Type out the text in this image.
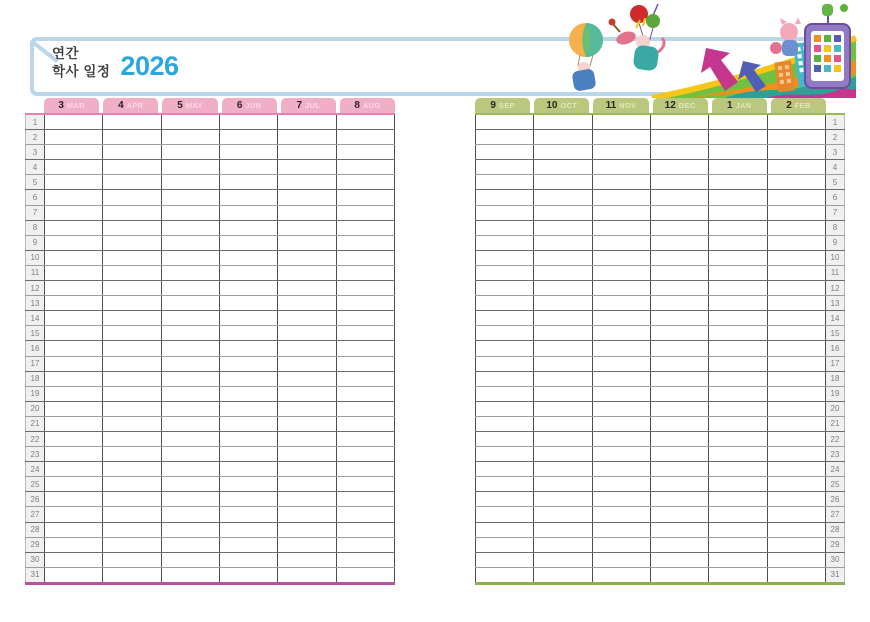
연간
학사 일정 2026
3 MAR	4 APR	5 MAY	6 JUN	7 JUL	8 AUG
1
2
3
4
5
6
7
8
9
10
11
12
13
14
15
16
17
18
19
20
21
22
23
24
25
26
27
28
29
30
31
9 SEP	10 OCT	11 NOV	12 DEC	1 JAN	2 FEB
1
2
3
4
5
6
7
8
9
10
11
12
13
14
15
16
17
18
19
20
21
22
23
24
25
26
27
28
29
30
31
